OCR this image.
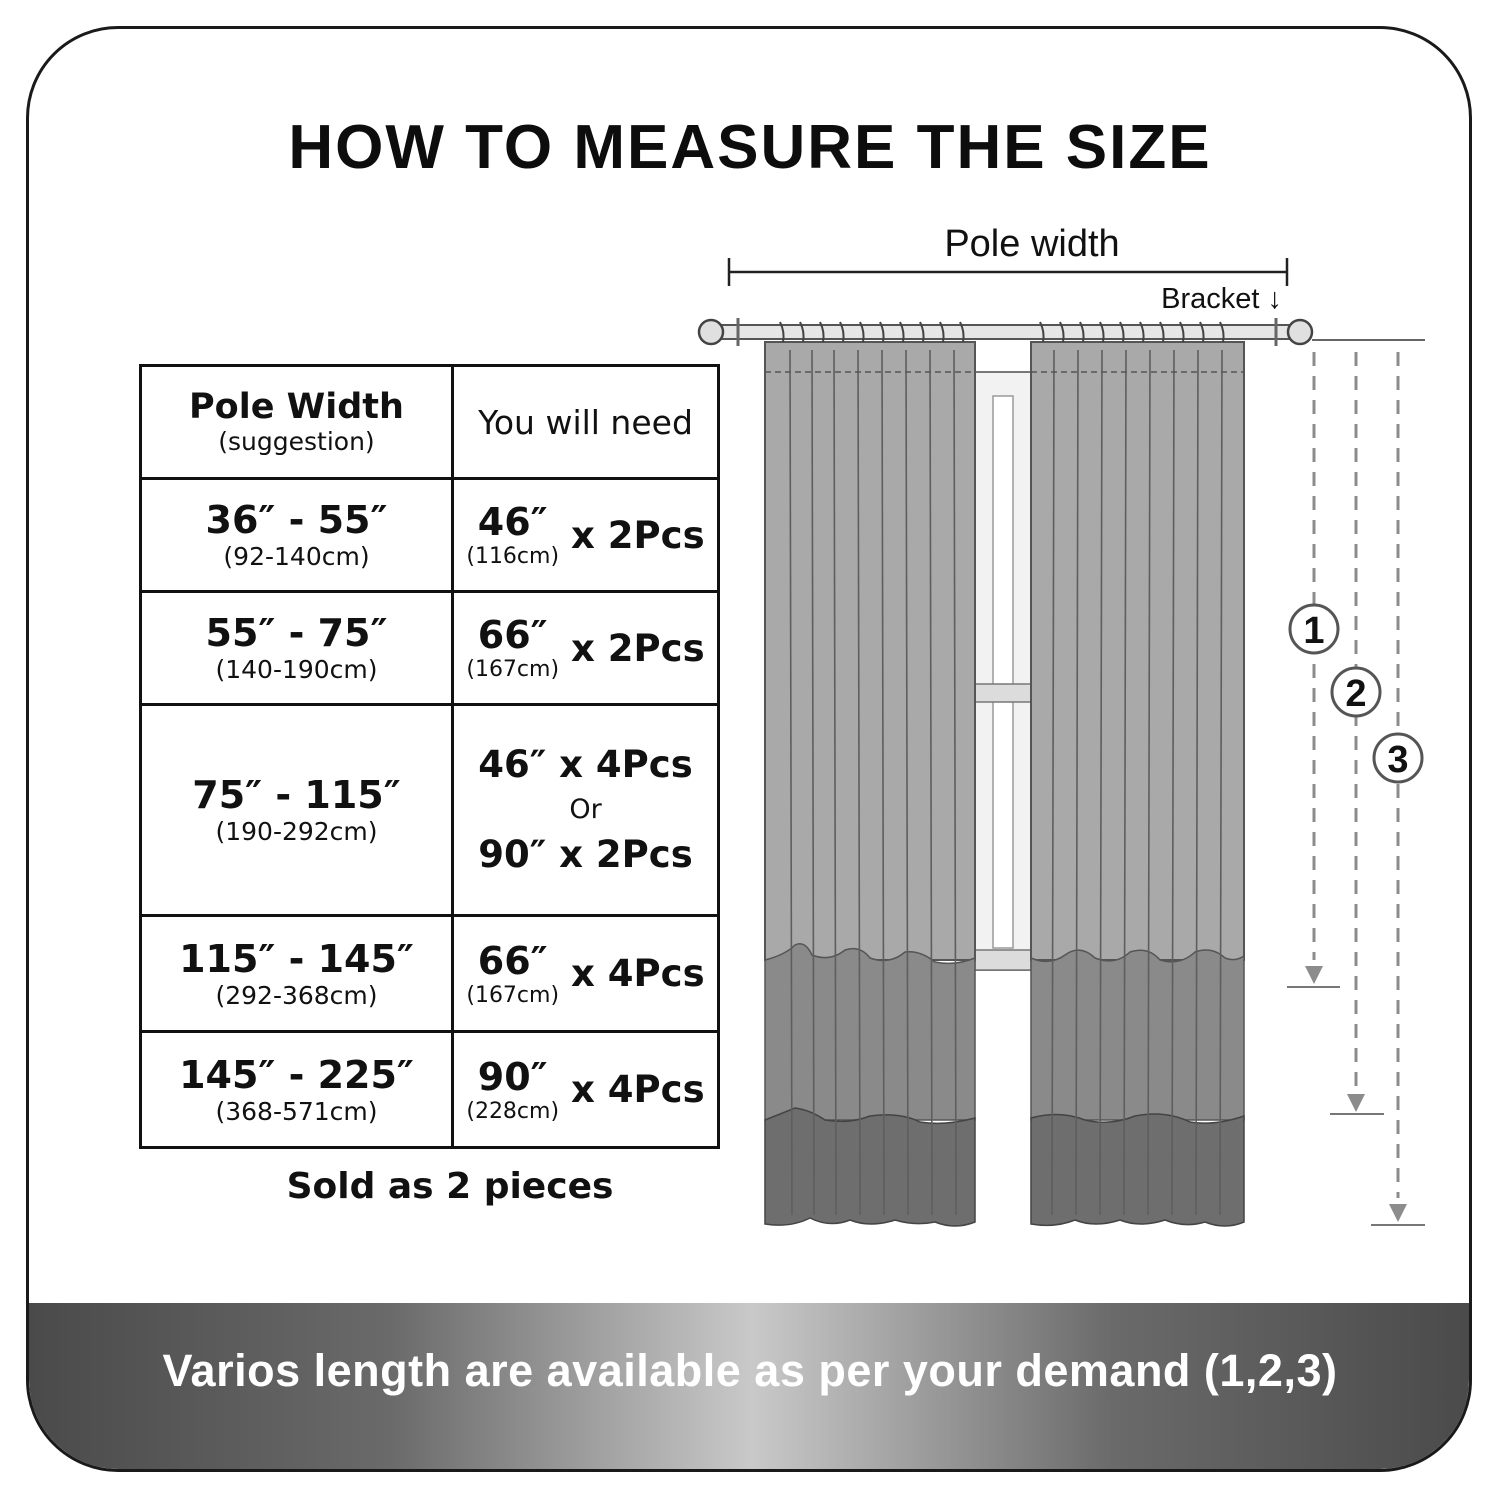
HOW TO MEASURE THE SIZE
Pole Width
(suggestion)	You will need

36″ - 55″
(92-140cm)	46″
(116cm) x 2Pcs

55″ - 75″
(140-190cm)	66″
(167cm) x 2Pcs

75″ - 115″
(190-292cm)	46″ x 4Pcs
Or
90″ x 2Pcs

115″ - 145″
(292-368cm)	66″
(167cm) x 4Pcs

145″ - 225″
(368-571cm)	90″
(228cm) x 4Pcs
Sold as 2 pieces
Pole width
Bracket ↓
1
2
3
Varios length are available as per your demand (1,2,3)
